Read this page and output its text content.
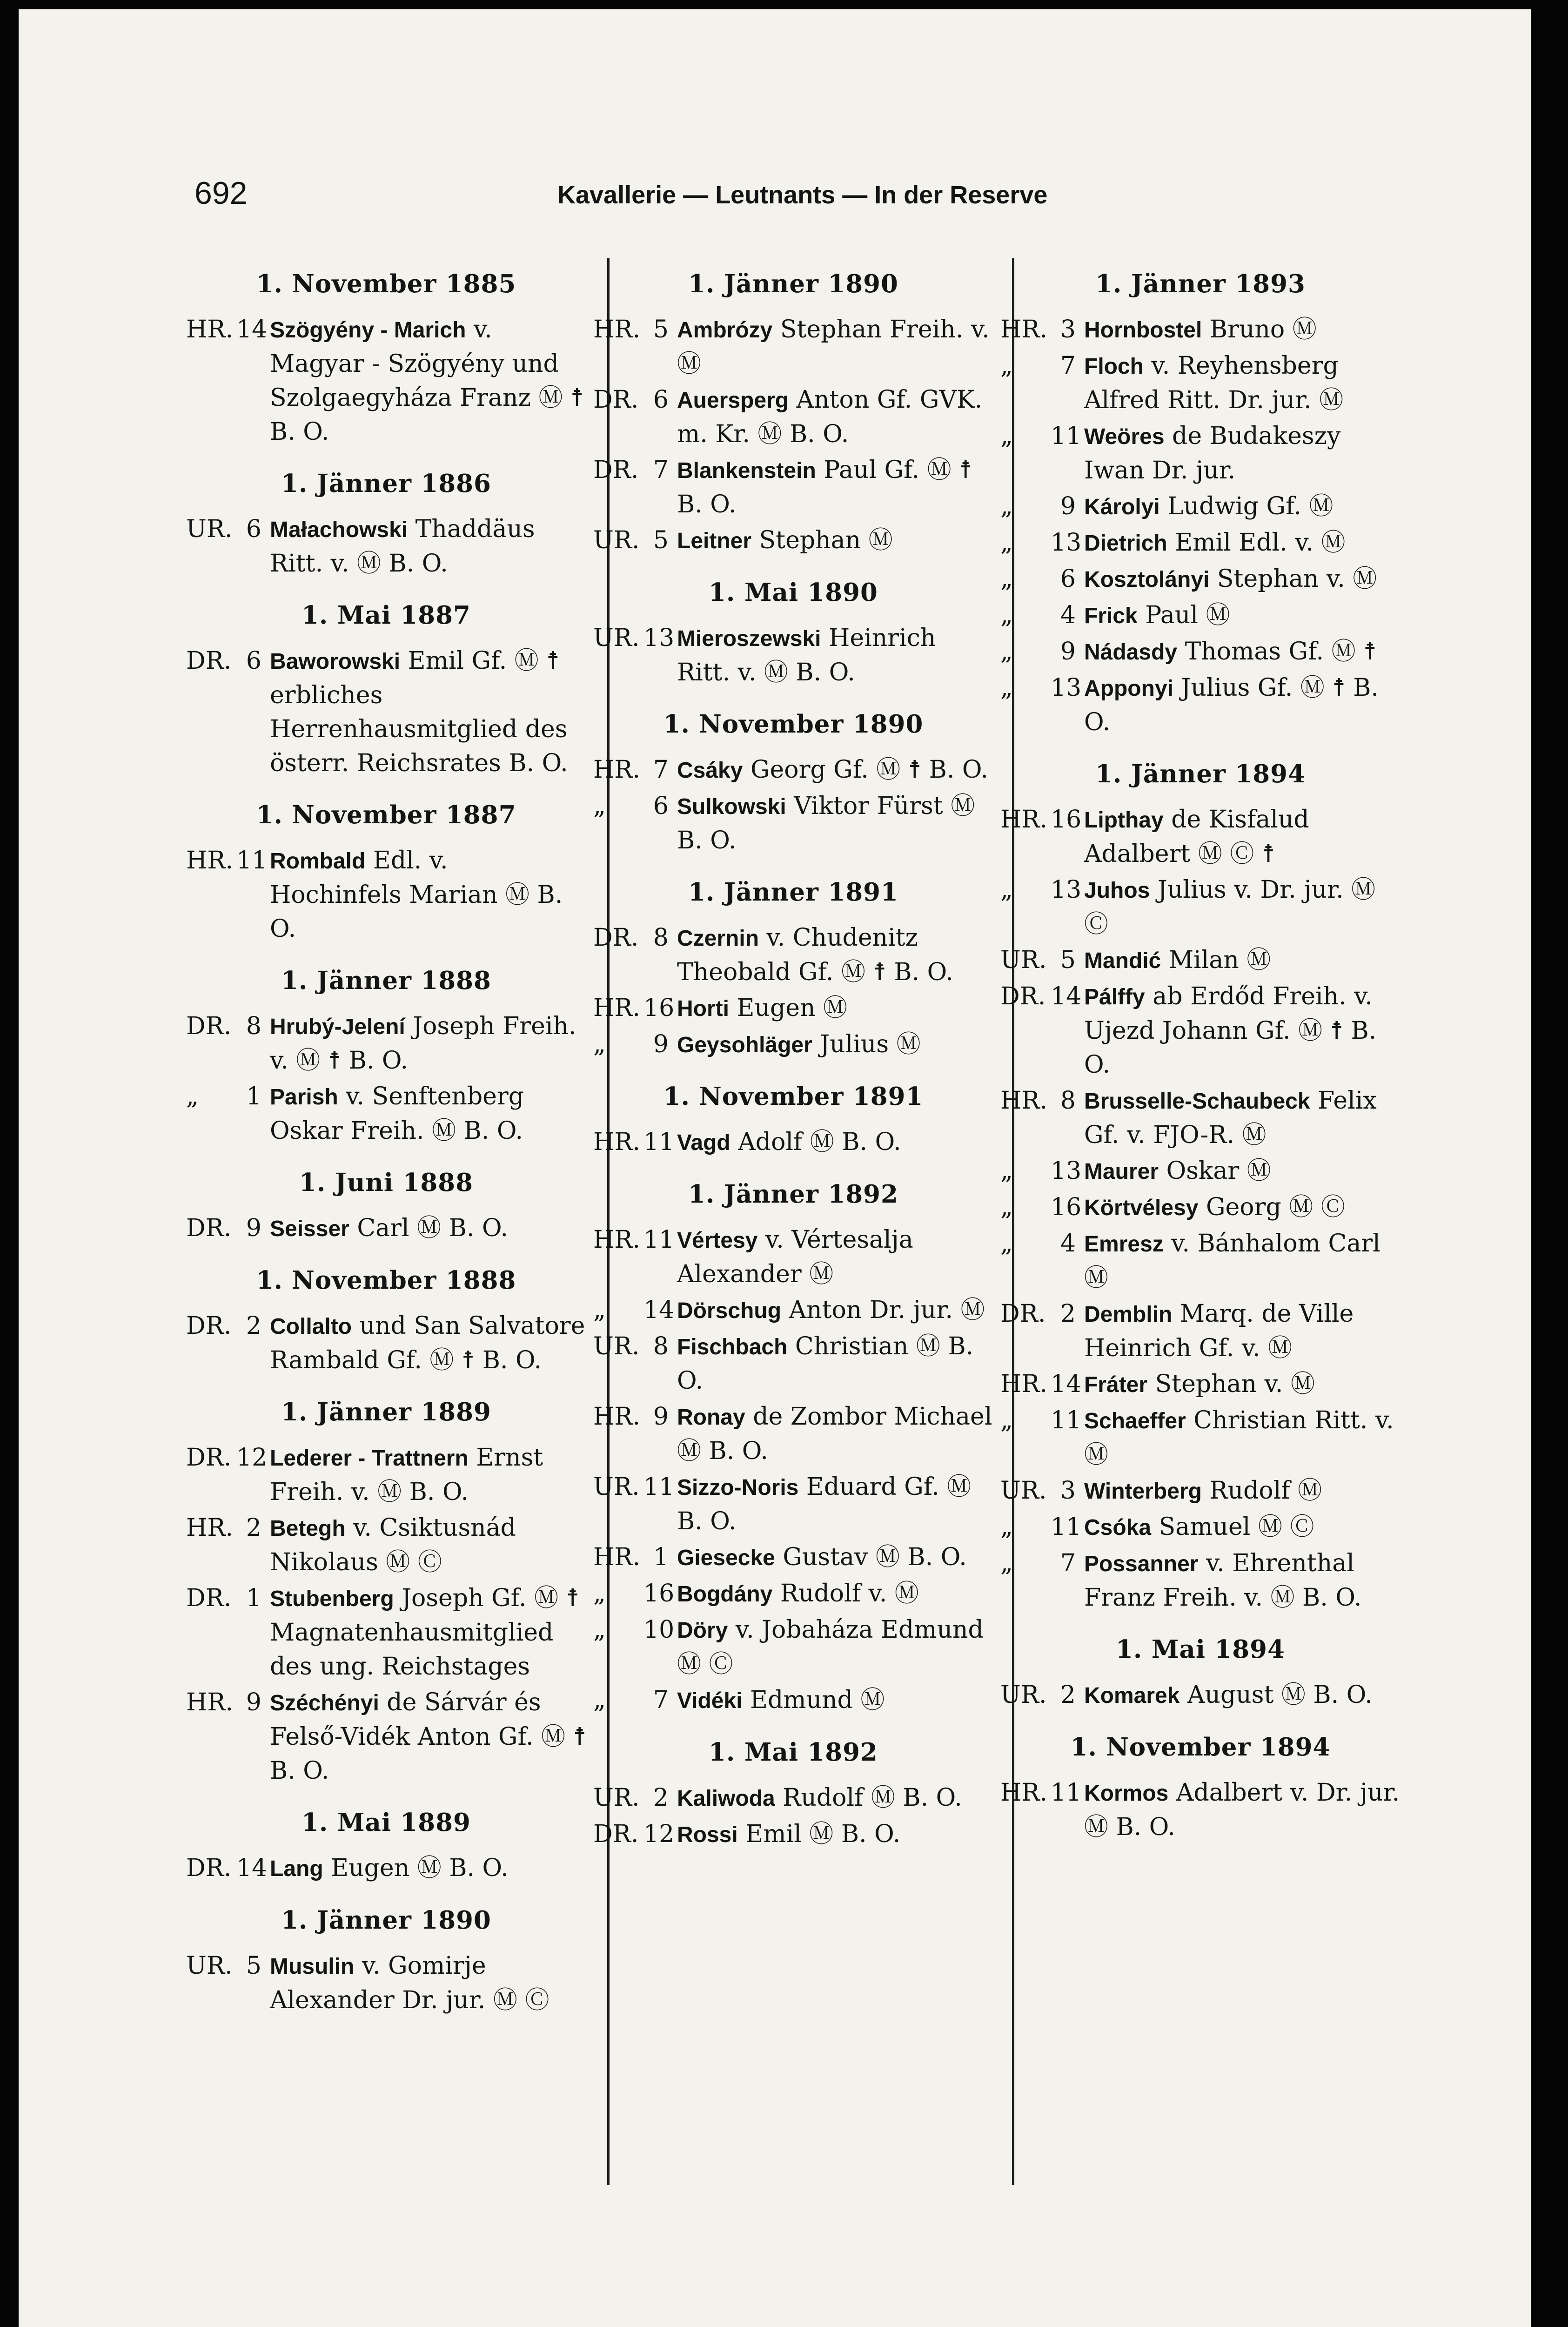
692	Kavallerie — Leutnants — In der Reserve
1. November 1885
HR. 14 Szögyény - Marich v. Magyar - Szögyény und Szolgaegyháza Franz Ⓜ ☨ B. O.
1. Jänner 1886
UR. 6 Małachowski Thaddäus Ritt. v. Ⓜ B. O.
1. Mai 1887
DR. 6 Baworowski Emil Gf. Ⓜ ☨ erbliches Herrenhausmitglied des österr. Reichsrates B. O.
1. November 1887
HR. 11 Rombald Edl. v. Hochinfels Marian Ⓜ B. O.
1. Jänner 1888
DR. 8 Hrubý-Jelení Joseph Freih. v. Ⓜ ☨ B. O.
„	1 Parish v. Senftenberg Oskar Freih. Ⓜ B. O.
1. Juni 1888
DR. 9 Seisser Carl Ⓜ B. O.
1. November 1888
DR. 2 Collalto und San Salvatore Rambald Gf. Ⓜ ☨ B. O.
1. Jänner 1889
DR. 12 Lederer - Trattnern Ernst Freih. v. Ⓜ B. O.
HR. 2 Betegh v. Csiktusnád Nikolaus Ⓜ Ⓒ
DR. 1 Stubenberg Joseph Gf. Ⓜ ☨ Magnatenhausmitglied des ung. Reichstages
HR. 9 Széchényi de Sárvár és Felső-Vidék Anton Gf. Ⓜ ☨ B. O.
1. Mai 1889
DR. 14 Lang Eugen Ⓜ B. O.
1. Jänner 1890
UR. 5 Musulin v. Gomirje Alexander Dr. jur. Ⓜ Ⓒ
1. Jänner 1890
HR. 5 Ambrózy Stephan Freih. v. Ⓜ
DR. 6 Auersperg Anton Gf. GVK. m. Kr. Ⓜ B. O.
DR. 7 Blankenstein Paul Gf. Ⓜ ☨ B. O.
UR. 5 Leitner Stephan Ⓜ
1. Mai 1890
UR. 13 Mieroszewski Heinrich Ritt. v. Ⓜ B. O.
1. November 1890
HR. 7 Csáky Georg Gf. Ⓜ ☨ B. O.
„	6 Sulkowski Viktor Fürst Ⓜ B. O.
1. Jänner 1891
DR. 8 Czernin v. Chudenitz Theobald Gf. Ⓜ ☨ B. O.
HR. 16 Horti Eugen Ⓜ
„	9 Geysohläger Julius Ⓜ
1. November 1891
HR. 11 Vagd Adolf Ⓜ B. O.
1. Jänner 1892
HR. 11 Vértesy v. Vértesalja Alexander Ⓜ
„	14 Dörschug Anton Dr. jur. Ⓜ
UR. 8 Fischbach Christian Ⓜ B. O.
HR. 9 Ronay de Zombor Michael Ⓜ B. O.
UR. 11 Sizzo-Noris Eduard Gf. Ⓜ B. O.
HR. 1 Giesecke Gustav Ⓜ B. O.
„	16 Bogdány Rudolf v. Ⓜ
„	10 Döry v. Jobaháza Edmund Ⓜ Ⓒ
„	7 Vidéki Edmund Ⓜ
1. Mai 1892
UR. 2 Kaliwoda Rudolf Ⓜ B. O.
DR. 12 Rossi Emil Ⓜ B. O.
1. Jänner 1893
HR. 3 Hornbostel Bruno Ⓜ
„	7 Floch v. Reyhensberg Alfred Ritt. Dr. jur. Ⓜ
„	11 Weöres de Budakeszy Iwan Dr. jur.
„	9 Károlyi Ludwig Gf. Ⓜ
„	13 Dietrich Emil Edl. v. Ⓜ
„	6 Kosztolányi Stephan v. Ⓜ
„	4 Frick Paul Ⓜ
„	9 Nádasdy Thomas Gf. Ⓜ ☨
„	13 Apponyi Julius Gf. Ⓜ ☨ B. O.
1. Jänner 1894
HR. 16 Lipthay de Kisfalud Adalbert Ⓜ Ⓒ ☨
„	13 Juhos Julius v. Dr. jur. Ⓜ Ⓒ
UR. 5 Mandić Milan Ⓜ
DR. 14 Pálffy ab Erdőd Freih. v. Ujezd Johann Gf. Ⓜ ☨ B. O.
HR. 8 Brusselle-Schaubeck Felix Gf. v. FJO-R. Ⓜ
„	13 Maurer Oskar Ⓜ
„	16 Körtvélesy Georg Ⓜ Ⓒ
„	4 Emresz v. Bánhalom Carl Ⓜ
DR. 2 Demblin Marq. de Ville Heinrich Gf. v. Ⓜ
HR. 14 Fráter Stephan v. Ⓜ
„	11 Schaeffer Christian Ritt. v. Ⓜ
UR. 3 Winterberg Rudolf Ⓜ
„	11 Csóka Samuel Ⓜ Ⓒ
„	7 Possanner v. Ehrenthal Franz Freih. v. Ⓜ B. O.
1. Mai 1894
UR. 2 Komarek August Ⓜ B. O.
1. November 1894
HR. 11 Kormos Adalbert v. Dr. jur. Ⓜ B. O.
